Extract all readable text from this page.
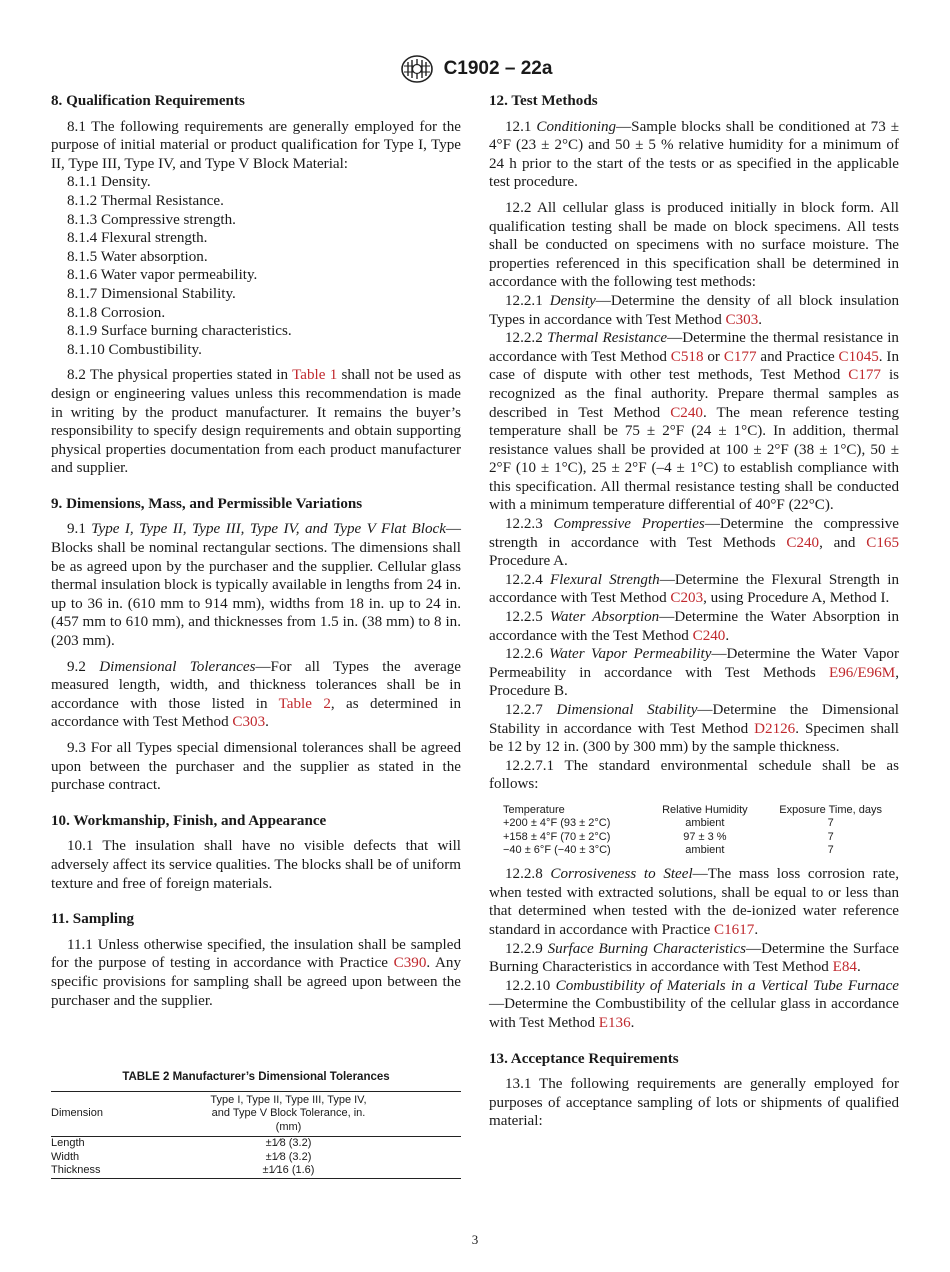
C1902 – 22a
8. Qualification Requirements

8.1 The following requirements are generally employed for the purpose of initial material or product qualification for Type I, Type II, Type III, Type IV, and Type V Block Material:

8.1.1 Density.

8.1.2 Thermal Resistance.

8.1.3 Compressive strength.

8.1.4 Flexural strength.

8.1.5 Water absorption.

8.1.6 Water vapor permeability.

8.1.7 Dimensional Stability.

8.1.8 Corrosion.

8.1.9 Surface burning characteristics.

8.1.10 Combustibility.

8.2 The physical properties stated in Table 1 shall not be used as design or engineering values unless this recommendation is made in writing by the product manufacturer. It remains the buyer’s responsibility to specify design requirements and obtain supporting physical properties documentation from each product manufacturer and supplier.

9. Dimensions, Mass, and Permissible Variations

9.1 Type I, Type II, Type III, Type IV, and Type V Flat Block—Blocks shall be nominal rectangular sections. The dimensions shall be as agreed upon by the purchaser and the supplier. Cellular glass thermal insulation block is typically available in lengths from 24 in. up to 36 in. (610 mm to 914 mm), widths from 18 in. up to 24 in. (457 mm to 610 mm), and thicknesses from 1.5 in. (38 mm) to 8 in. (203 mm).

9.2 Dimensional Tolerances—For all Types the average measured length, width, and thickness tolerances shall be in accordance with those listed in Table 2, as determined in accordance with Test Method C303.

9.3 For all Types special dimensional tolerances shall be agreed upon between the purchaser and the supplier as stated in the purchase contract.

10. Workmanship, Finish, and Appearance

10.1 The insulation shall have no visible defects that will adversely affect its service qualities. The blocks shall be of uniform texture and free of foreign materials.

11. Sampling

11.1 Unless otherwise specified, the insulation shall be sampled for the purpose of testing in accordance with Practice C390. Any specific provisions for sampling shall be agreed upon between the purchaser and the supplier.

TABLE 2 Manufacturer’s Dimensional Tolerances
Dimension	Type I, Type II, Type III, Type IV, and Type V Block Tolerance, in. (mm)
Length	±1⁄8 (3.2)
Width	±1⁄8 (3.2)
Thickness	±1⁄16 (1.6)
12. Test Methods

12.1 Conditioning—Sample blocks shall be conditioned at 73 ± 4°F (23 ± 2°C) and 50 ± 5 % relative humidity for a minimum of 24 h prior to the start of the tests or as specified in the applicable test procedure.

12.2 All cellular glass is produced initially in block form. All qualification testing shall be made on block specimens. All tests shall be conducted on specimens with no surface moisture. The properties referenced in this specification shall be determined in accordance with the following test methods:

12.2.1 Density—Determine the density of all block insulation Types in accordance with Test Method C303.

12.2.2 Thermal Resistance—Determine the thermal resistance in accordance with Test Method C518 or C177 and Practice C1045. In case of dispute with other test methods, Test Method C177 is recognized as the final authority. Prepare thermal samples as described in Test Method C240. The mean reference testing temperature shall be 75 ± 2°F (24 ± 1°C). In addition, thermal resistance values shall be provided at 100 ± 2°F (38 ± 1°C), 50 ± 2°F (10 ± 1°C), 25 ± 2°F (–4 ± 1°C) to establish compliance with this specification. All thermal resistance testing shall be conducted with a minimum temperature differential of 40°F (22°C).

12.2.3 Compressive Properties—Determine the compressive strength in accordance with Test Methods C240, and C165 Procedure A.

12.2.4 Flexural Strength—Determine the Flexural Strength in accordance with Test Method C203, using Procedure A, Method I.

12.2.5 Water Absorption—Determine the Water Absorption in accordance with the Test Method C240.

12.2.6 Water Vapor Permeability—Determine the Water Vapor Permeability in accordance with Test Methods E96/E96M, Procedure B.

12.2.7 Dimensional Stability—Determine the Dimensional Stability in accordance with Test Method D2126. Specimen shall be 12 by 12 in. (300 by 300 mm) by the sample thickness.

12.2.7.1 The standard environmental schedule shall be as follows:

Temperature	Relative Humidity	Exposure Time, days
+200 ± 4°F (93 ± 2°C)	ambient	7
+158 ± 4°F (70 ± 2°C)	97 ± 3 %	7
−40 ± 6°F (−40 ± 3°C)	ambient	7

12.2.8 Corrosiveness to Steel—The mass loss corrosion rate, when tested with extracted solutions, shall be equal to or less than that determined when tested with the de-ionized water reference standard in accordance with Practice C1617.

12.2.9 Surface Burning Characteristics—Determine the Surface Burning Characteristics in accordance with Test Method E84.

12.2.10 Combustibility of Materials in a Vertical Tube Furnace—Determine the Combustibility of the cellular glass in accordance with Test Method E136.

13. Acceptance Requirements

13.1 The following requirements are generally employed for purposes of acceptance sampling of lots or shipments of qualified material:

3
